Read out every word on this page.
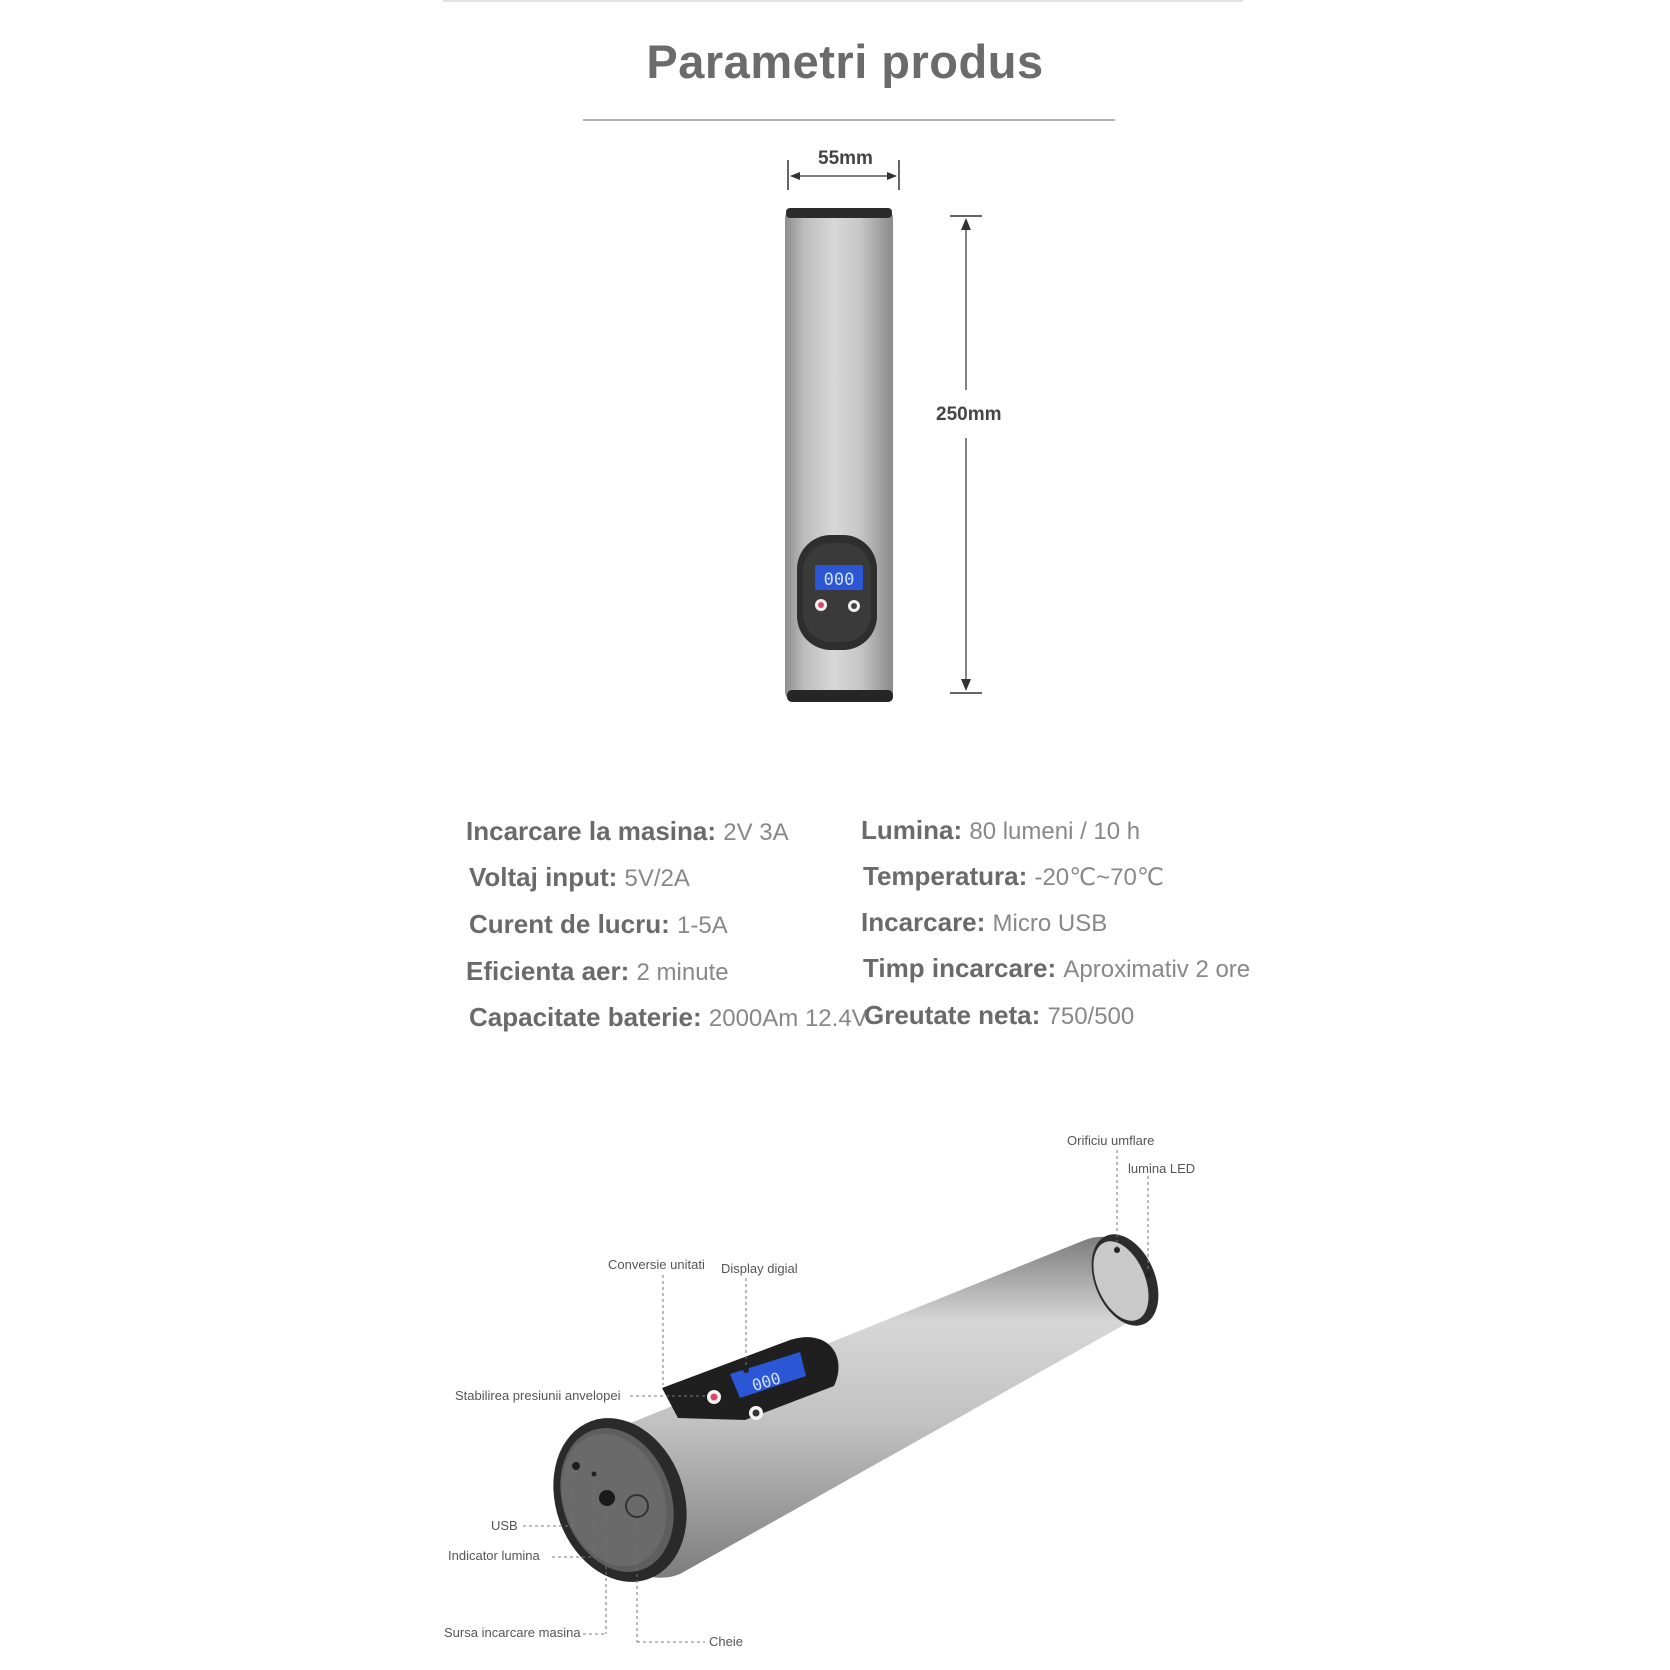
Parametri produs
000
55mm
250mm
Incarcare la masina: 2V 3A
Voltaj input: 5V/2A
Curent de lucru: 1-5A
Eficienta aer: 2 minute
Capacitate baterie: 2000Am 12.4V
Lumina: 80 lumeni / 10 h
Temperatura: -20℃~70℃
Incarcare: Micro USB
Timp incarcare: Aproximativ 2 ore
Greutate neta: 750/500
000
Orificiu umflare
lumina LED
Conversie unitati Display digial
Stabilirea presiunii anvelopei
USB
Indicator lumina
Sursa incarcare masina
Cheie
